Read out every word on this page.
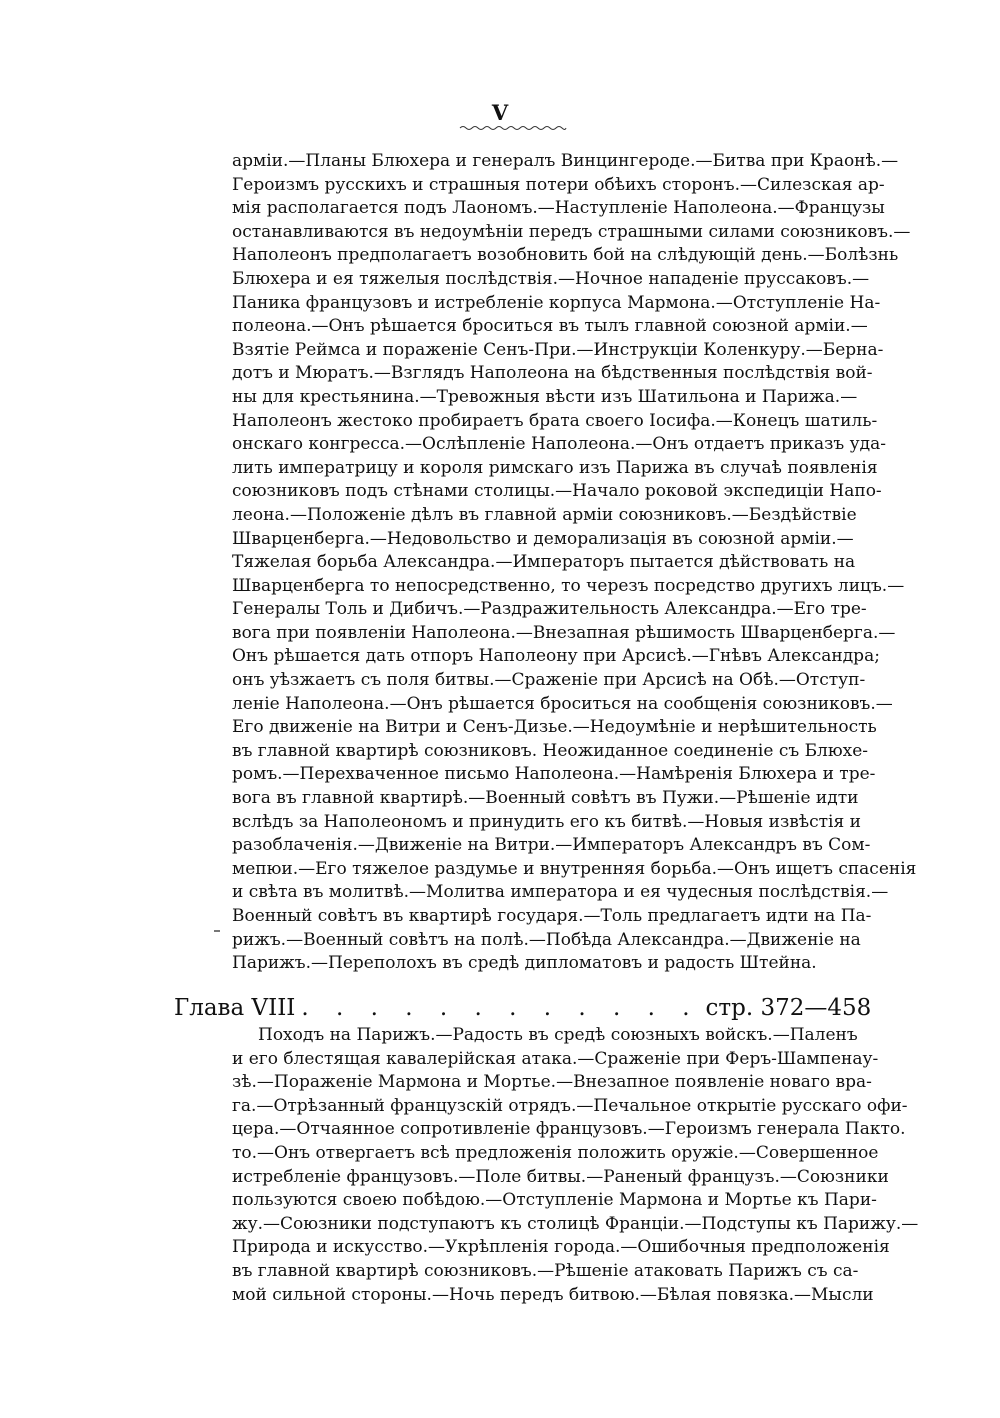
V
арміи.—Планы Блюхера и генералъ Винцингероде.—Битва при Краонѣ.—
Героизмъ русскихъ и страшныя потери обѣихъ сторонъ.—Силезская ар-
мія располагается подъ Лаономъ.—Наступленіе Наполеона.—Французы
останавливаются въ недоумѣніи передъ страшными силами союзниковъ.—
Наполеонъ предполагаетъ возобновить бой на слѣдующій день.—Болѣзнь
Блюхера и ея тяжелыя послѣдствія.—Ночное нападеніе пруссаковъ.—
Паника французовъ и истребленіе корпуса Мармона.—Отступленіе На-
полеона.—Онъ рѣшается броситься въ тылъ главной союзной арміи.—
Взятіе Реймса и пораженіе Сенъ-При.—Инструкціи Коленкуру.—Берна-
дотъ и Мюратъ.—Взглядъ Наполеона на бѣдственныя послѣдствія вой-
ны для крестьянина.—Тревожныя вѣсти изъ Шатильона и Парижа.—
Наполеонъ жестоко пробираетъ брата своего Іосифа.—Конецъ шатиль-
онскаго конгресса.—Ослѣпленіе Наполеона.—Онъ отдаетъ приказъ уда-
лить императрицу и короля римскаго изъ Парижа въ случаѣ появленія
союзниковъ подъ стѣнами столицы.—Начало роковой экспедиціи Напо-
леона.—Положеніе дѣлъ въ главной арміи союзниковъ.—Бездѣйствіе
Шварценберга.—Недовольство и деморализація въ союзной арміи.—
Тяжелая борьба Александра.—Императоръ пытается дѣйствовать на
Шварценберга то непосредственно, то черезъ посредство другихъ лицъ.—
Генералы Толь и Дибичъ.—Раздражительность Александра.—Его тре-
вога при появленіи Наполеона.—Внезапная рѣшимость Шварценберга.—
Онъ рѣшается дать отпоръ Наполеону при Арсисѣ.—Гнѣвъ Александра;
онъ уѣзжаетъ съ поля битвы.—Сраженіе при Арсисѣ на Обѣ.—Отступ-
леніе Наполеона.—Онъ рѣшается броситься на сообщенія союзниковъ.—
Его движеніе на Витри и Сенъ-Дизье.—Недоумѣніе и нерѣшительность
въ главной квартирѣ союзниковъ. Неожиданное соединеніе съ Блюхе-
ромъ.—Перехваченное письмо Наполеона.—Намѣренія Блюхера и тре-
вога въ главной квартирѣ.—Военный совѣтъ въ Пужи.—Рѣшеніе идти
вслѣдъ за Наполеономъ и принудить его къ битвѣ.—Новыя извѣстія и
разоблаченія.—Движеніе на Витри.—Императоръ Александръ въ Сом-
мепюи.—Его тяжелое раздумье и внутренняя борьба.—Онъ ищетъ спасенія
и свѣта въ молитвѣ.—Молитва императора и ея чудесныя послѣдствія.—
Военный совѣтъ въ квартирѣ государя.—Толь предлагаетъ идти на Па-
рижъ.—Военный совѣтъ на полѣ.—Побѣда Александра.—Движеніе на
Парижъ.—Переполохъ въ средѣ дипломатовъ и радость Штейна.
Глава VIII . . . . . . . . . . . . стр. 372—458
Походъ на Парижъ.—Радость въ средѣ союзныхъ войскъ.—Паленъ
и его блестящая кавалерійская атака.—Сраженіе при Феръ-Шампенау-
зѣ.—Пораженіе Мармона и Мортье.—Внезапное появленіе новаго вра-
га.—Отрѣзанный французскій отрядъ.—Печальное открытіе русскаго офи-
цера.—Отчаянное сопротивленіе французовъ.—Героизмъ генерала Пакто.
то.—Онъ отвергаетъ всѣ предложенія положить оружіе.—Совершенное
истребленіе французовъ.—Поле битвы.—Раненый французъ.—Союзники
пользуются своею побѣдою.—Отступленіе Мармона и Мортье къ Пари-
жу.—Союзники подступаютъ къ столицѣ Франціи.—Подступы къ Парижу.—
Природа и искусство.—Укрѣпленія города.—Ошибочныя предположенія
въ главной квартирѣ союзниковъ.—Рѣшеніе атаковать Парижъ съ са-
мой сильной стороны.—Ночь передъ битвою.—Бѣлая повязка.—Мысли
